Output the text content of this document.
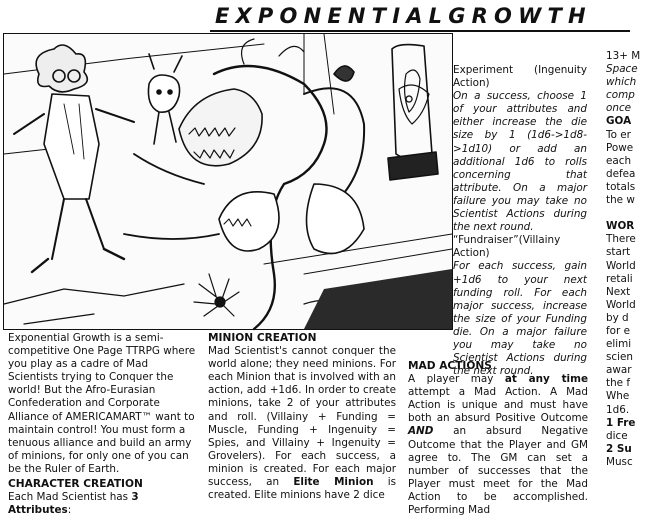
EXPONENTIALGROWTH
Experiment (Ingenuity

Action)

On a success, choose 1 of your attributes and either increase the die size by 1 (1d6->1d8->1d10) or add an additional 1d6 to rolls concerning that attribute. On a major failure you may take no Scientist Actions during the next round.

“Fundraiser”(Villainy Action)

For each success, gain +1d6 to your next funding roll. For each major success, increase the size of your Funding die. On a major failure you may take no Scientist Actions during the next round.

Exponential Growth is a semi-competitive One Page TTRPG where you play as a cadre of Mad Scientists trying to Conquer the world! But the Afro-Eurasian Confederation and Corporate Alliance of AMERICAMART™ want to maintain control! You must form a tenuous alliance and build an army of minions, for only one of you can be the Ruler of Earth.

CHARACTER CREATION

Each Mad Scientist has 3 Attributes:

MINION CREATION

Mad Scientist's cannot conquer the world alone; they need minions. For each Minion that is involved with an action, add +1d6. In order to create minions, take 2 of your attributes and roll. (Villainy + Funding = Muscle, Funding + Ingenuity = Spies, and Villainy + Ingenuity = Grovelers). For each success, a minion is created. For each major success, an Elite Minion is created. Elite minions have 2 dice

MAD ACTIONS

A player may at any time attempt a Mad Action. A Mad Action is unique and must have both an absurd Positive Outcome AND an absurd Negative Outcome that the Player and GM agree to. The GM can set a number of successes that the Player must meet for the Mad Action to be accomplished. Performing Mad

13+ M
Space
which
comp
once
GOA
To er
Powe
each
defea
totals
the w
WOR
There
start
World
retali
Next
World
by d
for e
elimi
scien
awar
the f
Whe
1d6.
1 Fre
dice
2 Su
Musc
